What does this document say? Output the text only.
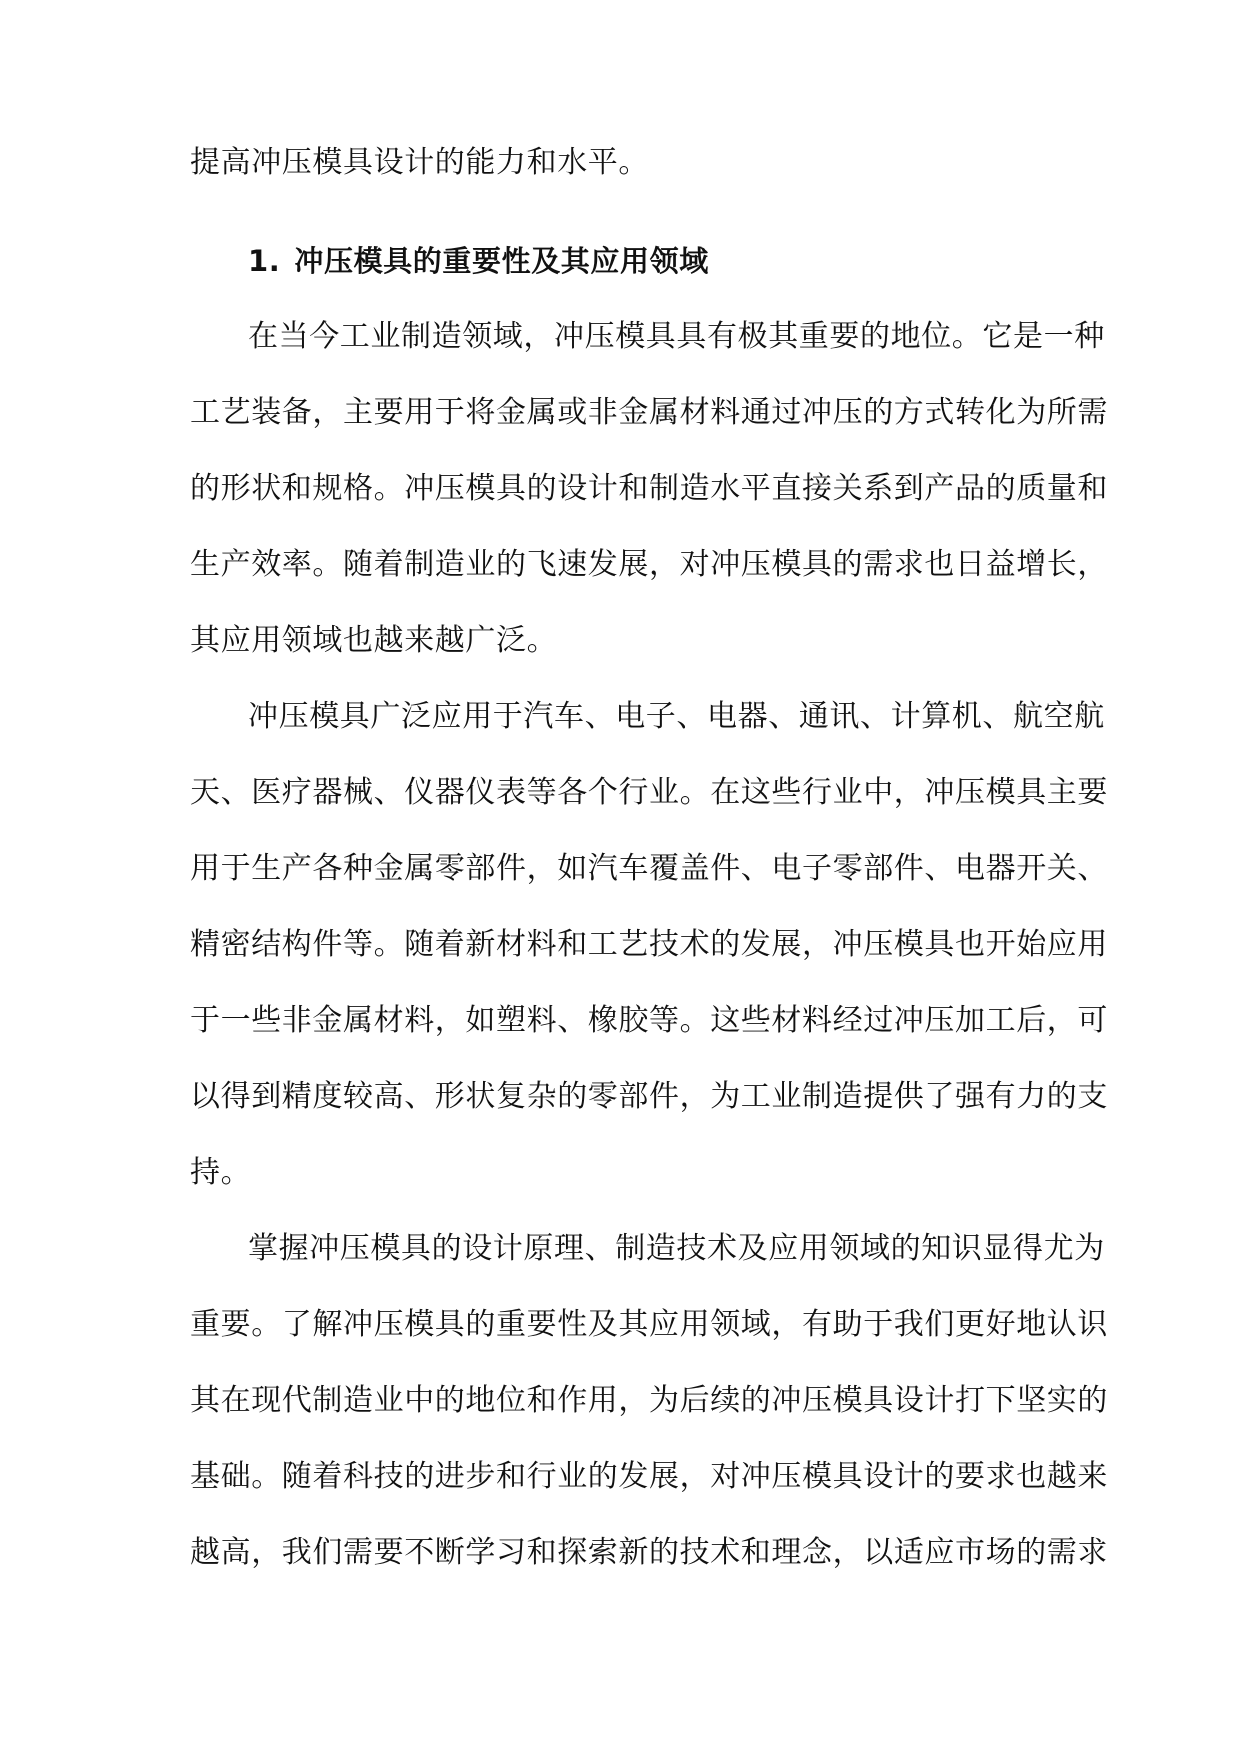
提高冲压模具设计的能力和水平。

1. 冲压模具的重要性及其应用领域

在当今工业制造领域，冲压模具具有极其重要的地位。它是一种

工艺装备，主要用于将金属或非金属材料通过冲压的方式转化为所需

的形状和规格。冲压模具的设计和制造水平直接关系到产品的质量和

生产效率。随着制造业的飞速发展，对冲压模具的需求也日益增长，

其应用领域也越来越广泛。

冲压模具广泛应用于汽车、电子、电器、通讯、计算机、航空航

天、医疗器械、仪器仪表等各个行业。在这些行业中，冲压模具主要

用于生产各种金属零部件，如汽车覆盖件、电子零部件、电器开关、

精密结构件等。随着新材料和工艺技术的发展，冲压模具也开始应用

于一些非金属材料，如塑料、橡胶等。这些材料经过冲压加工后，可

以得到精度较高、形状复杂的零部件，为工业制造提供了强有力的支

持。

掌握冲压模具的设计原理、制造技术及应用领域的知识显得尤为

重要。了解冲压模具的重要性及其应用领域，有助于我们更好地认识

其在现代制造业中的地位和作用，为后续的冲压模具设计打下坚实的

基础。随着科技的进步和行业的发展，对冲压模具设计的要求也越来

越高，我们需要不断学习和探索新的技术和理念，以适应市场的需求
